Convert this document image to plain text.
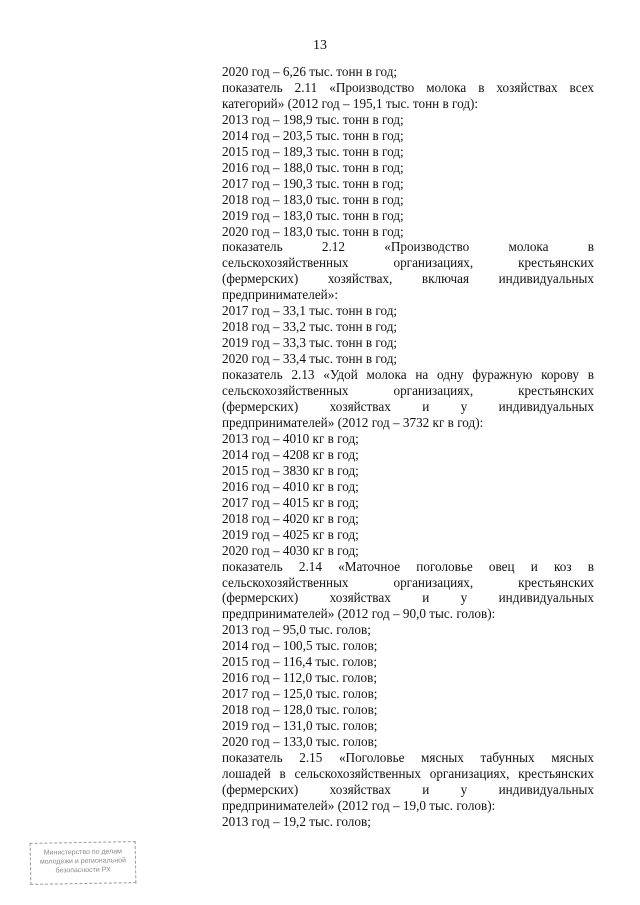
13
2020 год – 6,26 тыс. тонн в год;
показатель 2.11 «Производство молока в хозяйствах всех
категорий» (2012 год – 195,1 тыс. тонн в год):
2013 год – 198,9 тыс. тонн в год;
2014 год – 203,5 тыс. тонн в год;
2015 год – 189,3 тыс. тонн в год;
2016 год – 188,0 тыс. тонн в год;
2017 год – 190,3 тыс. тонн в год;
2018 год – 183,0 тыс. тонн в год;
2019 год – 183,0 тыс. тонн в год;
2020 год – 183,0 тыс. тонн в год;
показатель 2.12 «Производство молока в
сельскохозяйственных организациях, крестьянских
(фермерских) хозяйствах, включая индивидуальных
предпринимателей»:
2017 год – 33,1 тыс. тонн в год;
2018 год – 33,2 тыс. тонн в год;
2019 год – 33,3 тыс. тонн в год;
2020 год – 33,4 тыс. тонн в год;
показатель 2.13 «Удой молока на одну фуражную корову в
сельскохозяйственных организациях, крестьянских
(фермерских) хозяйствах и у индивидуальных
предпринимателей» (2012 год – 3732 кг в год):
2013 год – 4010 кг в год;
2014 год – 4208 кг в год;
2015 год – 3830 кг в год;
2016 год – 4010 кг в год;
2017 год – 4015 кг в год;
2018 год – 4020 кг в год;
2019 год – 4025 кг в год;
2020 год – 4030 кг в год;
показатель 2.14 «Маточное поголовье овец и коз в
сельскохозяйственных организациях, крестьянских
(фермерских) хозяйствах и у индивидуальных
предпринимателей» (2012 год – 90,0 тыс. голов):
2013 год – 95,0 тыс. голов;
2014 год – 100,5 тыс. голов;
2015 год – 116,4 тыс. голов;
2016 год – 112,0 тыс. голов;
2017 год – 125,0 тыс. голов;
2018 год – 128,0 тыс. голов;
2019 год – 131,0 тыс. голов;
2020 год – 133,0 тыс. голов;
показатель 2.15 «Поголовье мясных табунных мясных
лошадей в сельскохозяйственных организациях, крестьянских
(фермерских) хозяйствах и у индивидуальных
предпринимателей» (2012 год – 19,0 тыс. голов):
2013 год – 19,2 тыс. голов;
Министерство по делам
молодежи и региональной
безопасности РХ
